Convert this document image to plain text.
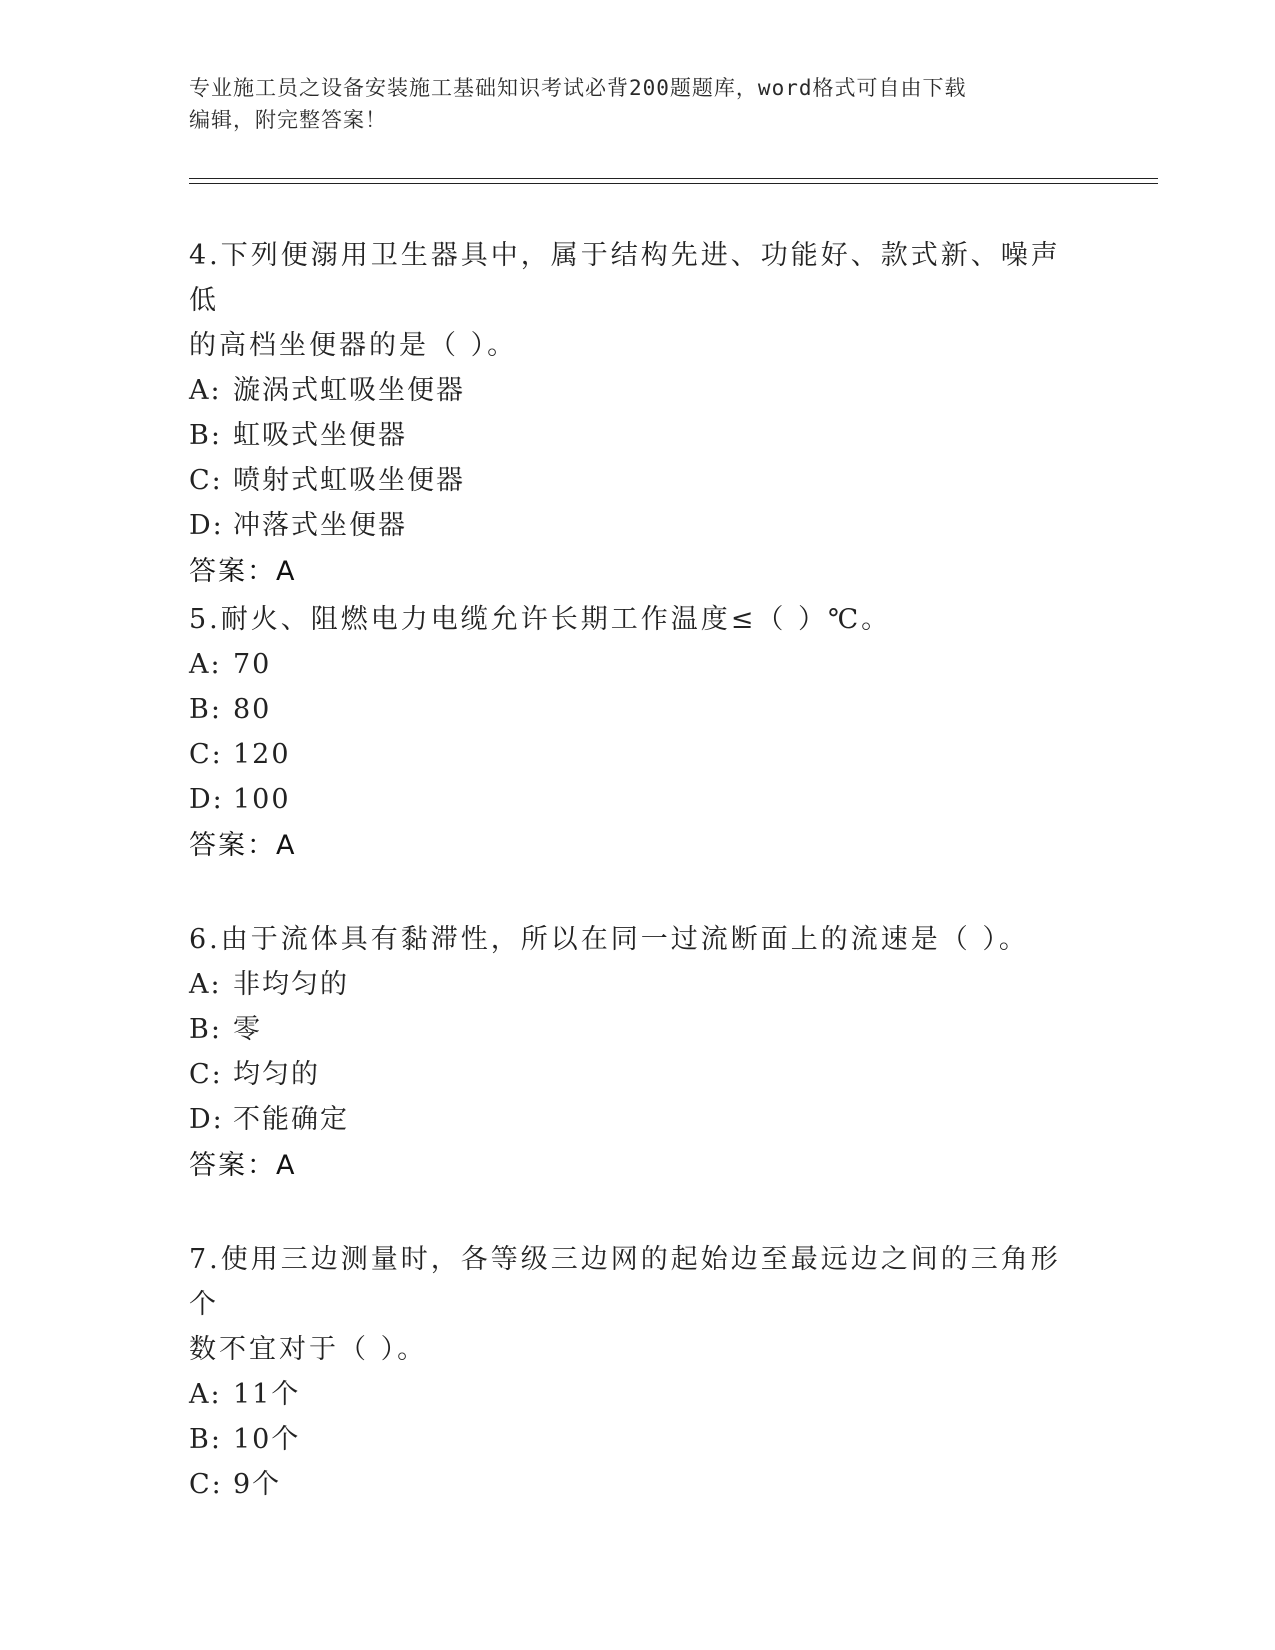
专业施工员之设备安装施工基础知识考试必背200题题库，word格式可自由下载
编辑，附完整答案！
4.下列便溺用卫生器具中，属于结构先进、功能好、款式新、噪声低
的高档坐便器的是（ ）。
A: 漩涡式虹吸坐便器
B: 虹吸式坐便器
C: 喷射式虹吸坐便器
D: 冲落式坐便器
答案：A
5.耐火、阻燃电力电缆允许长期工作温度≤（ ）℃。
A: 70
B: 80
C: 120
D: 100
答案：A
6.由于流体具有黏滞性，所以在同一过流断面上的流速是（ ）。
A: 非均匀的
B: 零
C: 均匀的
D: 不能确定
答案：A
7.使用三边测量时，各等级三边网的起始边至最远边之间的三角形个
数不宜对于（ ）。
A: 11个
B: 10个
C: 9个
